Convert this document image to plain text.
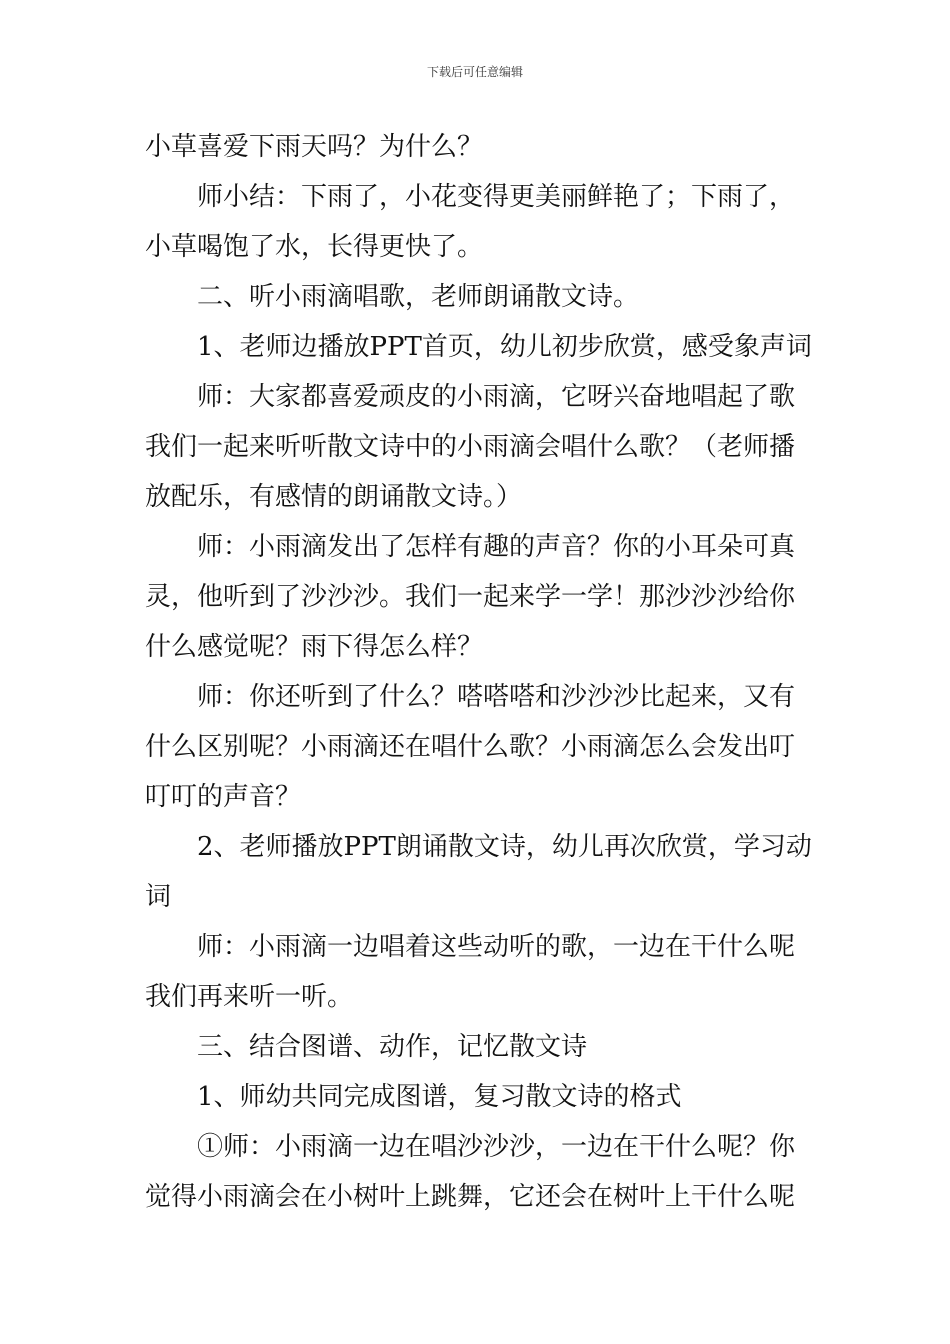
下载后可任意编辑
小草喜爱下雨天吗？为什么？
师小结：下雨了，小花变得更美丽鲜艳了；下雨了，
小草喝饱了水，长得更快了。
二、听小雨滴唱歌，老师朗诵散文诗。
1、老师边播放PPT首页，幼儿初步欣赏，感受象声词
师：大家都喜爱顽皮的小雨滴，它呀兴奋地唱起了歌
我们一起来听听散文诗中的小雨滴会唱什么歌？（老师播
放配乐，有感情的朗诵散文诗。）
师：小雨滴发出了怎样有趣的声音？你的小耳朵可真
灵，他听到了沙沙沙。我们一起来学一学！那沙沙沙给你
什么感觉呢？雨下得怎么样？
师：你还听到了什么？嗒嗒嗒和沙沙沙比起来，又有
什么区别呢？小雨滴还在唱什么歌？小雨滴怎么会发出叮
叮叮的声音？
2、老师播放PPT朗诵散文诗，幼儿再次欣赏，学习动
词
师：小雨滴一边唱着这些动听的歌，一边在干什么呢
我们再来听一听。
三、结合图谱、动作，记忆散文诗
1、师幼共同完成图谱，复习散文诗的格式
①师：小雨滴一边在唱沙沙沙，一边在干什么呢？你
觉得小雨滴会在小树叶上跳舞，它还会在树叶上干什么呢
